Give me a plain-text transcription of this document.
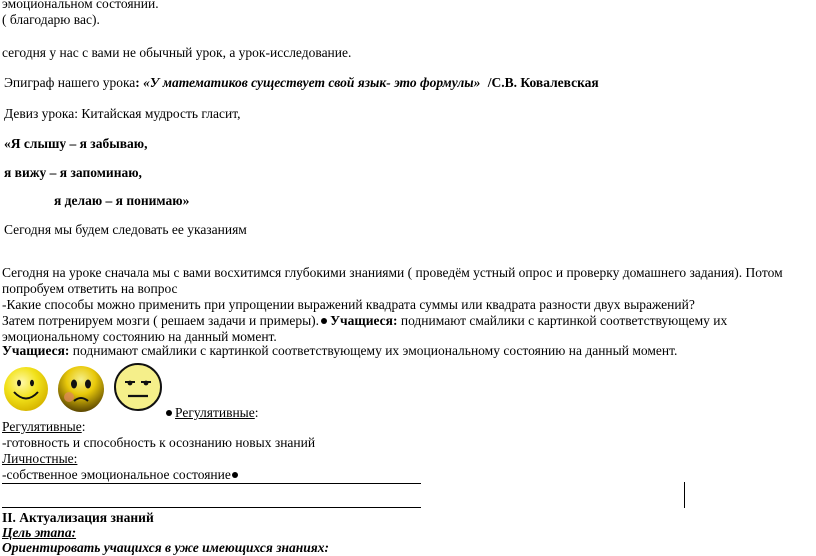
эмоциональном состоянии.
( благодарю вас).
сегодня у нас с вами не обычный урок, а урок-исследование.
Эпиграф нашего урока: «У математиков существует свой язык- это формулы» /С.В. Ковалевская
Девиз урока: Китайская мудрость гласит,
«Я слышу – я забываю,
я вижу – я запоминаю,
я делаю – я понимаю»
Сегодня мы будем следовать ее указаниям
Сегодня на уроке сначала мы с вами восхитимся глубокими знаниями ( проведём устный опрос и проверку домашнего задания). Потом
попробуем ответить на вопрос
-Какие способы можно применить при упрощении выражений квадрата суммы или квадрата разности двух выражений?
Затем потренируем мозги ( решаем задачи и примеры). Учащиеся: поднимают смайлики с картинкой соответствующему их
эмоциональному состоянию на данный момент.
Учащиеся: поднимают смайлики с картинкой соответствующему их эмоциональному состоянию на данный момент.
Регулятивные:
Регулятивные:
-готовность и способность к осознанию новых знаний
Личностные:
-собственное эмоциональное состояние
II. Актуализация знаний
Цель этапа:
Ориентировать учащихся в уже имеющихся знаниях:
